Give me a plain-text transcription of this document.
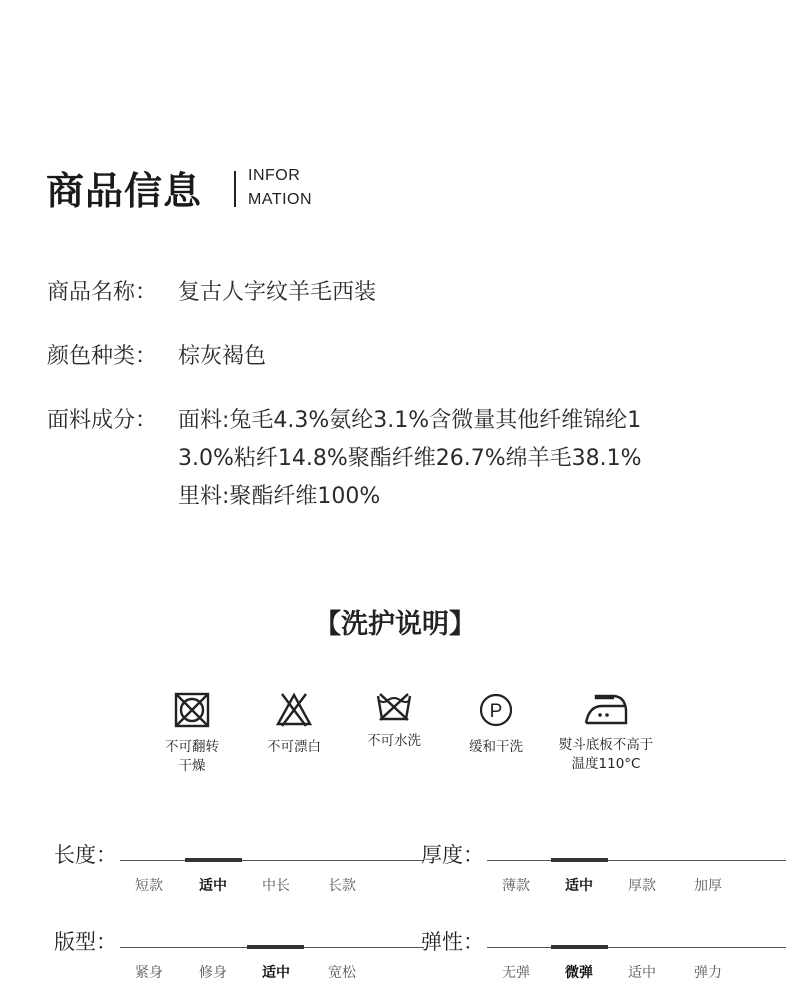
商品信息	INFOR
MATION
商品名称： 复古人字纹羊毛西装
颜色种类： 棕灰褐色
面料成分： 面料:兔毛4.3%氨纶3.1%含微量其他纤维锦纶1
3.0%粘纤14.8%聚酯纤维26.7%绵羊毛38.1%
里料:聚酯纤维100%
【洗护说明】
不可翻转
干燥
不可漂白	不可水洗
P
缓和干洗	熨斗底板不高于
温度110°C
长度：
短款	适中	中长	长款
厚度：
薄款	适中	厚款	加厚
版型：
紧身	修身	适中	宽松
弹性：
无弹	微弹	适中	弹力
